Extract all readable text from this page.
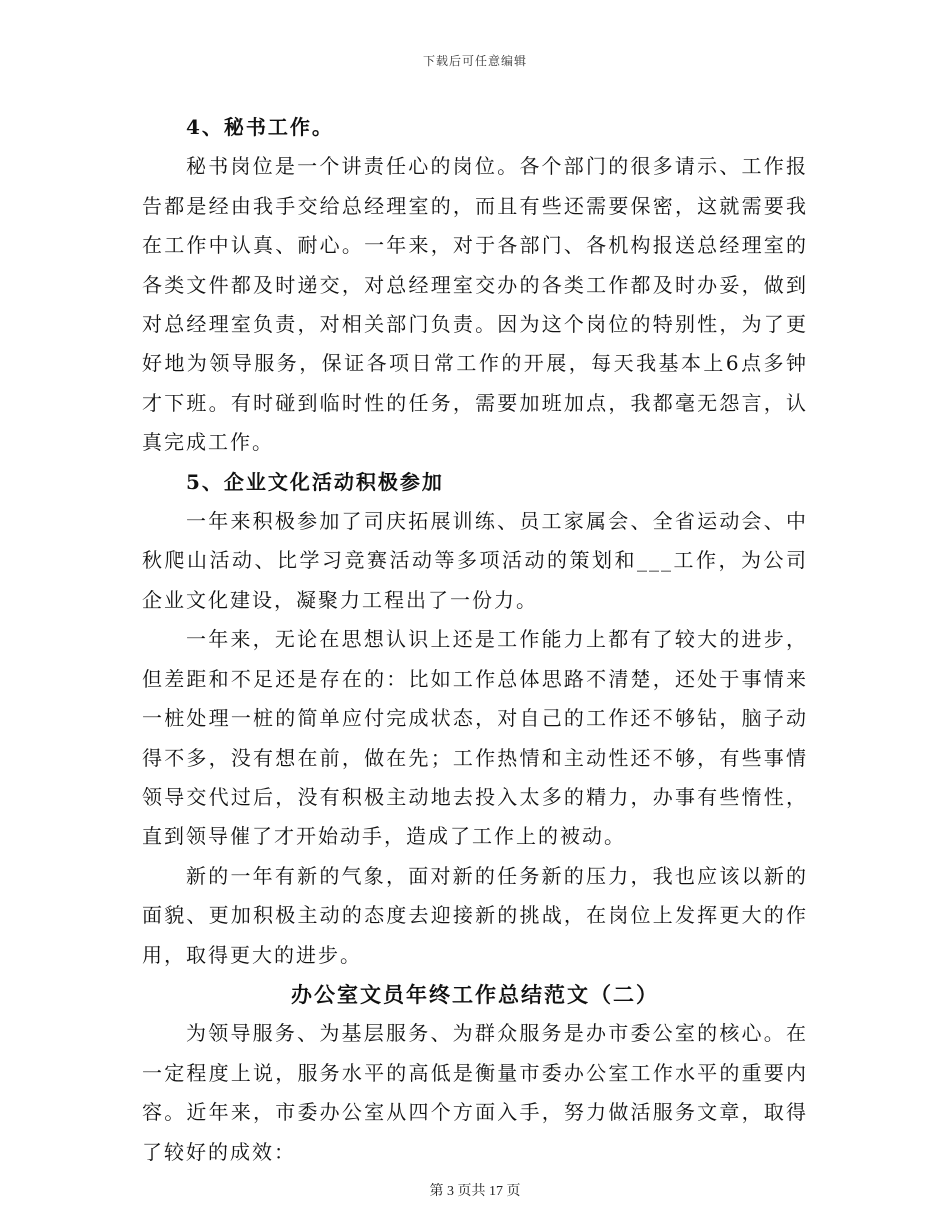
下载后可任意编辑
4、秘书工作。

秘书岗位是一个讲责任心的岗位。各个部门的很多请示、工作报告都是经由我手交给总经理室的，而且有些还需要保密，这就需要我在工作中认真、耐心。一年来，对于各部门、各机构报送总经理室的各类文件都及时递交，对总经理室交办的各类工作都及时办妥，做到对总经理室负责，对相关部门负责。因为这个岗位的特别性，为了更好地为领导服务，保证各项日常工作的开展，每天我基本上6点多钟才下班。有时碰到临时性的任务，需要加班加点，我都毫无怨言，认真完成工作。

5、企业文化活动积极参加

一年来积极参加了司庆拓展训练、员工家属会、全省运动会、中秋爬山活动、比学习竞赛活动等多项活动的策划和___工作，为公司企业文化建设，凝聚力工程出了一份力。

一年来，无论在思想认识上还是工作能力上都有了较大的进步，但差距和不足还是存在的：比如工作总体思路不清楚，还处于事情来一桩处理一桩的简单应付完成状态，对自己的工作还不够钻，脑子动得不多，没有想在前，做在先；工作热情和主动性还不够，有些事情领导交代过后，没有积极主动地去投入太多的精力，办事有些惰性，直到领导催了才开始动手，造成了工作上的被动。

新的一年有新的气象，面对新的任务新的压力，我也应该以新的面貌、更加积极主动的态度去迎接新的挑战，在岗位上发挥更大的作用，取得更大的进步。

办公室文员年终工作总结范文（二）

为领导服务、为基层服务、为群众服务是办市委公室的核心。在一定程度上说，服务水平的高低是衡量市委办公室工作水平的重要内容。近年来，市委办公室从四个方面入手，努力做活服务文章，取得了较好的成效：

第 3 页共 17 页
